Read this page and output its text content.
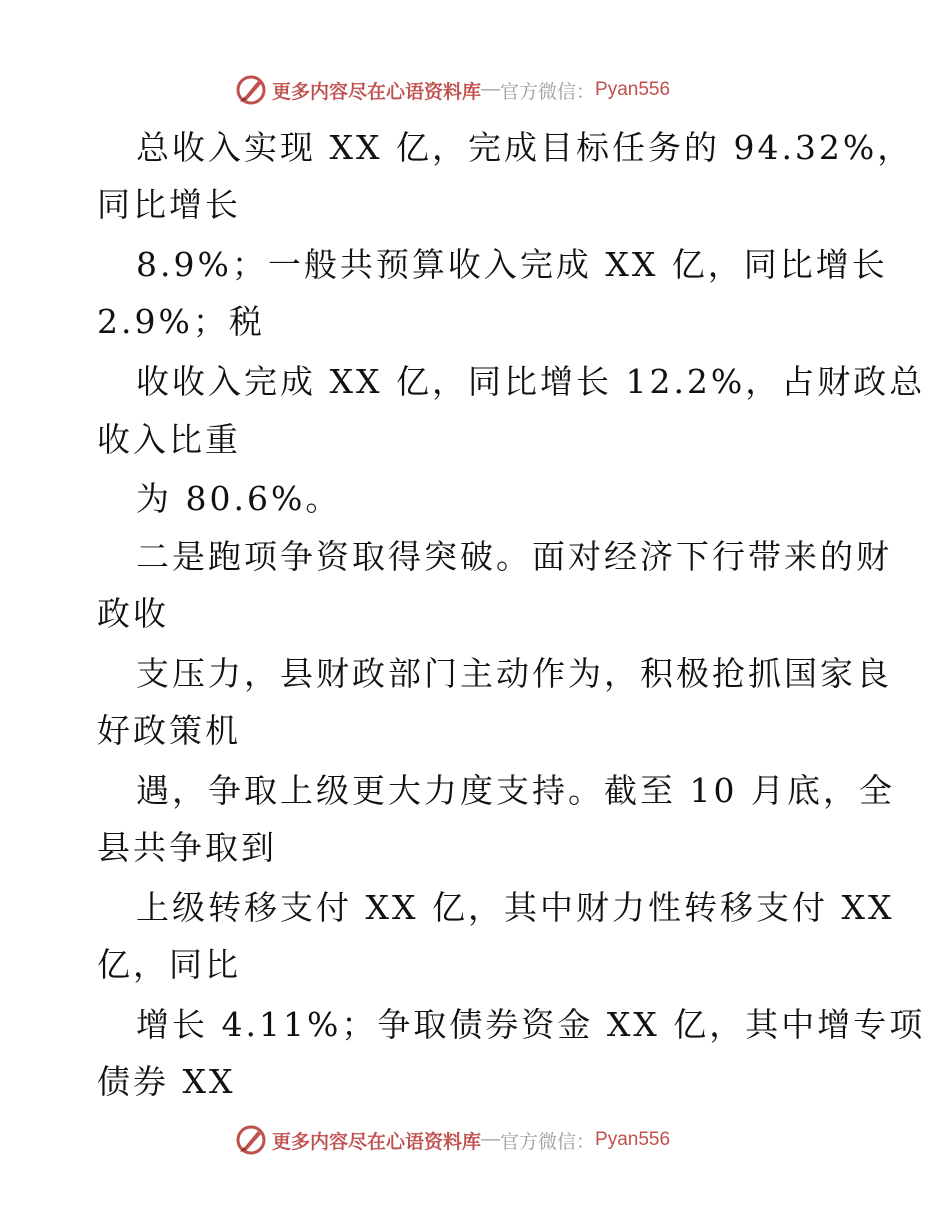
更多内容尽在心语资料库 — 官方微信： Pyan556
总收入实现 XX 亿，完成目标任务的 94.32%，
同比增长
8.9%；一般共预算收入完成 XX 亿，同比增长
2.9%；税
收收入完成 XX 亿，同比增长 12.2%，占财政总
收入比重
为 80.6%。
二是跑项争资取得突破。面对经济下行带来的财
政收
支压力，县财政部门主动作为，积极抢抓国家良
好政策机
遇，争取上级更大力度支持。截至 10 月底，全
县共争取到
上级转移支付 XX 亿，其中财力性转移支付 XX
亿，同比
增长 4.11%；争取债券资金 XX 亿，其中增专项
债券 XX
更多内容尽在心语资料库 — 官方微信： Pyan556
